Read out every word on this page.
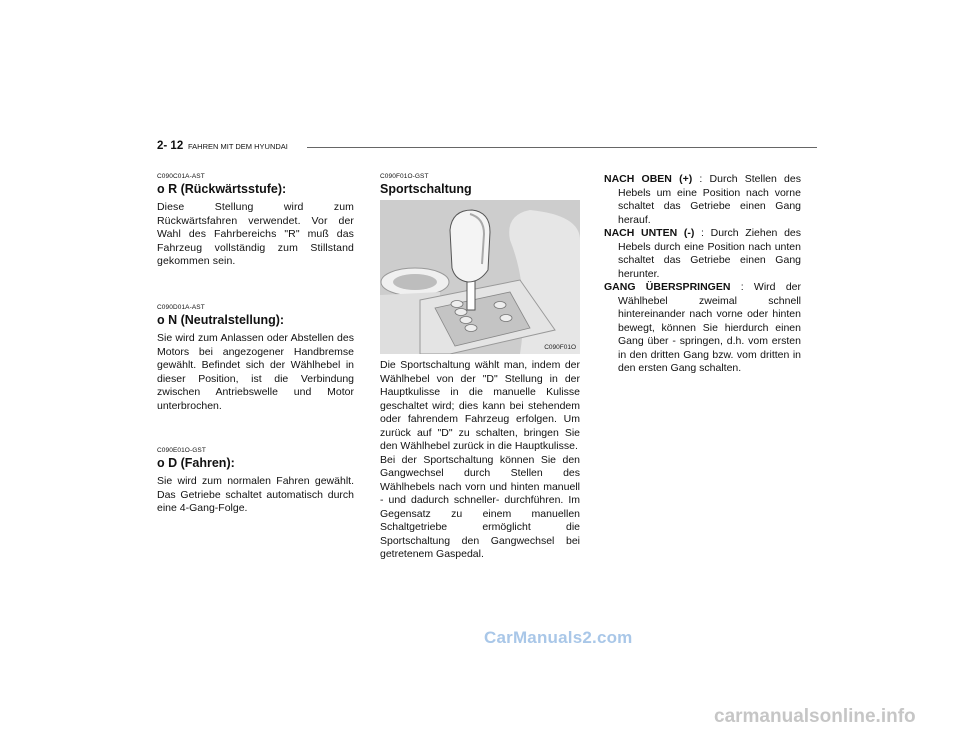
2- 12 FAHREN MIT DEM HYUNDAI

C090C01A-AST

o R (Rückwärtsstufe):

Diese Stellung wird zum Rückwärtsfahren verwendet. Vor der Wahl des Fahrbereichs "R" muß das Fahrzeug vollständig zum Stillstand gekommen sein.

C090D01A-AST

o N (Neutralstellung):

Sie wird zum Anlassen oder Abstellen des Motors bei angezogener Handbremse gewählt. Befindet sich der Wählhebel in dieser Position, ist die Verbindung zwischen Antriebswelle und Motor unterbrochen.

C090E01O-GST

o D (Fahren):

Sie wird zum normalen Fahren gewählt. Das Getriebe schaltet automatisch durch eine 4-Gang-Folge.

C090F01O-GST

Sportschaltung

C090F01O

Die Sportschaltung wählt man, indem der Wählhebel von der "D" Stellung in der Hauptkulisse in die manuelle Kulisse geschaltet wird; dies kann bei stehendem oder fahrendem Fahrzeug erfolgen. Um zurück auf "D" zu schalten, bringen Sie den Wählhebel zurück in die Hauptkulisse.

Bei der Sportschaltung können Sie den Gangwechsel durch Stellen des Wählhebels nach vorn und hinten manuell - und dadurch schneller- durchführen. Im Gegensatz zu einem manuellen Schaltgetriebe ermöglicht die Sportschaltung den Gangwechsel bei getretenem Gaspedal.

NACH OBEN (+) : Durch Stellen des Hebels um eine Position nach vorne schaltet das Getriebe einen Gang herauf.

NACH UNTEN (-) : Durch Ziehen des Hebels durch eine Position nach unten schaltet das Getriebe einen Gang herunter.

GANG ÜBERSPRINGEN : Wird der Wählhebel zweimal schnell hintereinander nach vorne oder hinten bewegt, können Sie hierdurch einen Gang über - springen, d.h. vom ersten in den dritten Gang bzw. vom dritten in den ersten Gang schalten.

CarManuals2.com
carmanualsonline.info
